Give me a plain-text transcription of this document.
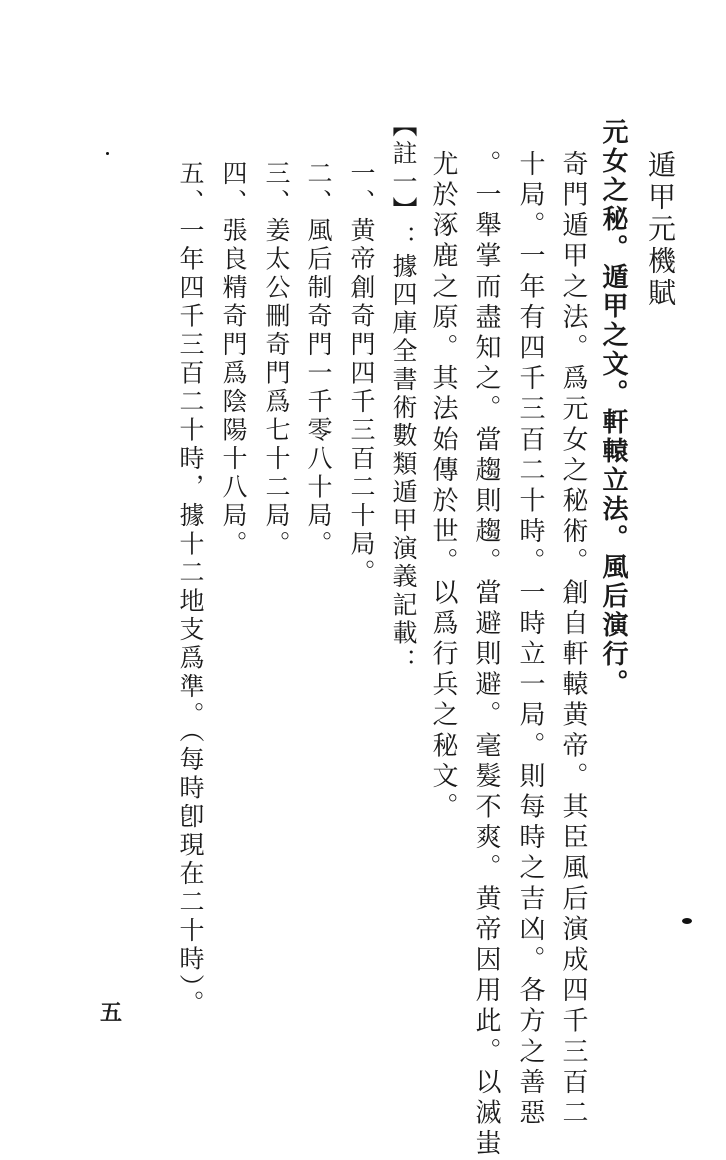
遁甲元機賦
元女之秘。遁甲之文。軒轅立法。風后演行。
奇門遁甲之法。爲元女之秘術。創自軒轅黄帝。其臣風后演成四千三百二
十局。一年有四千三百二十時。一時立一局。則每時之吉凶。各方之善惡
。一舉掌而盡知之。當趨則趨。當避則避。毫髮不爽。黄帝因用此。以滅蚩
尤於涿鹿之原。其法始傳於世。以爲行兵之秘文。
【註一】：據四庫全書術數類遁甲演義記載：
一、黄帝創奇門四千三百二十局。
二、風后制奇門一千零八十局。
三、姜太公刪奇門爲七十二局。
四、張良精奇門爲陰陽十八局。
五、一年四千三百二十時，據十二地支爲準。（每時卽現在二十時）。
五
